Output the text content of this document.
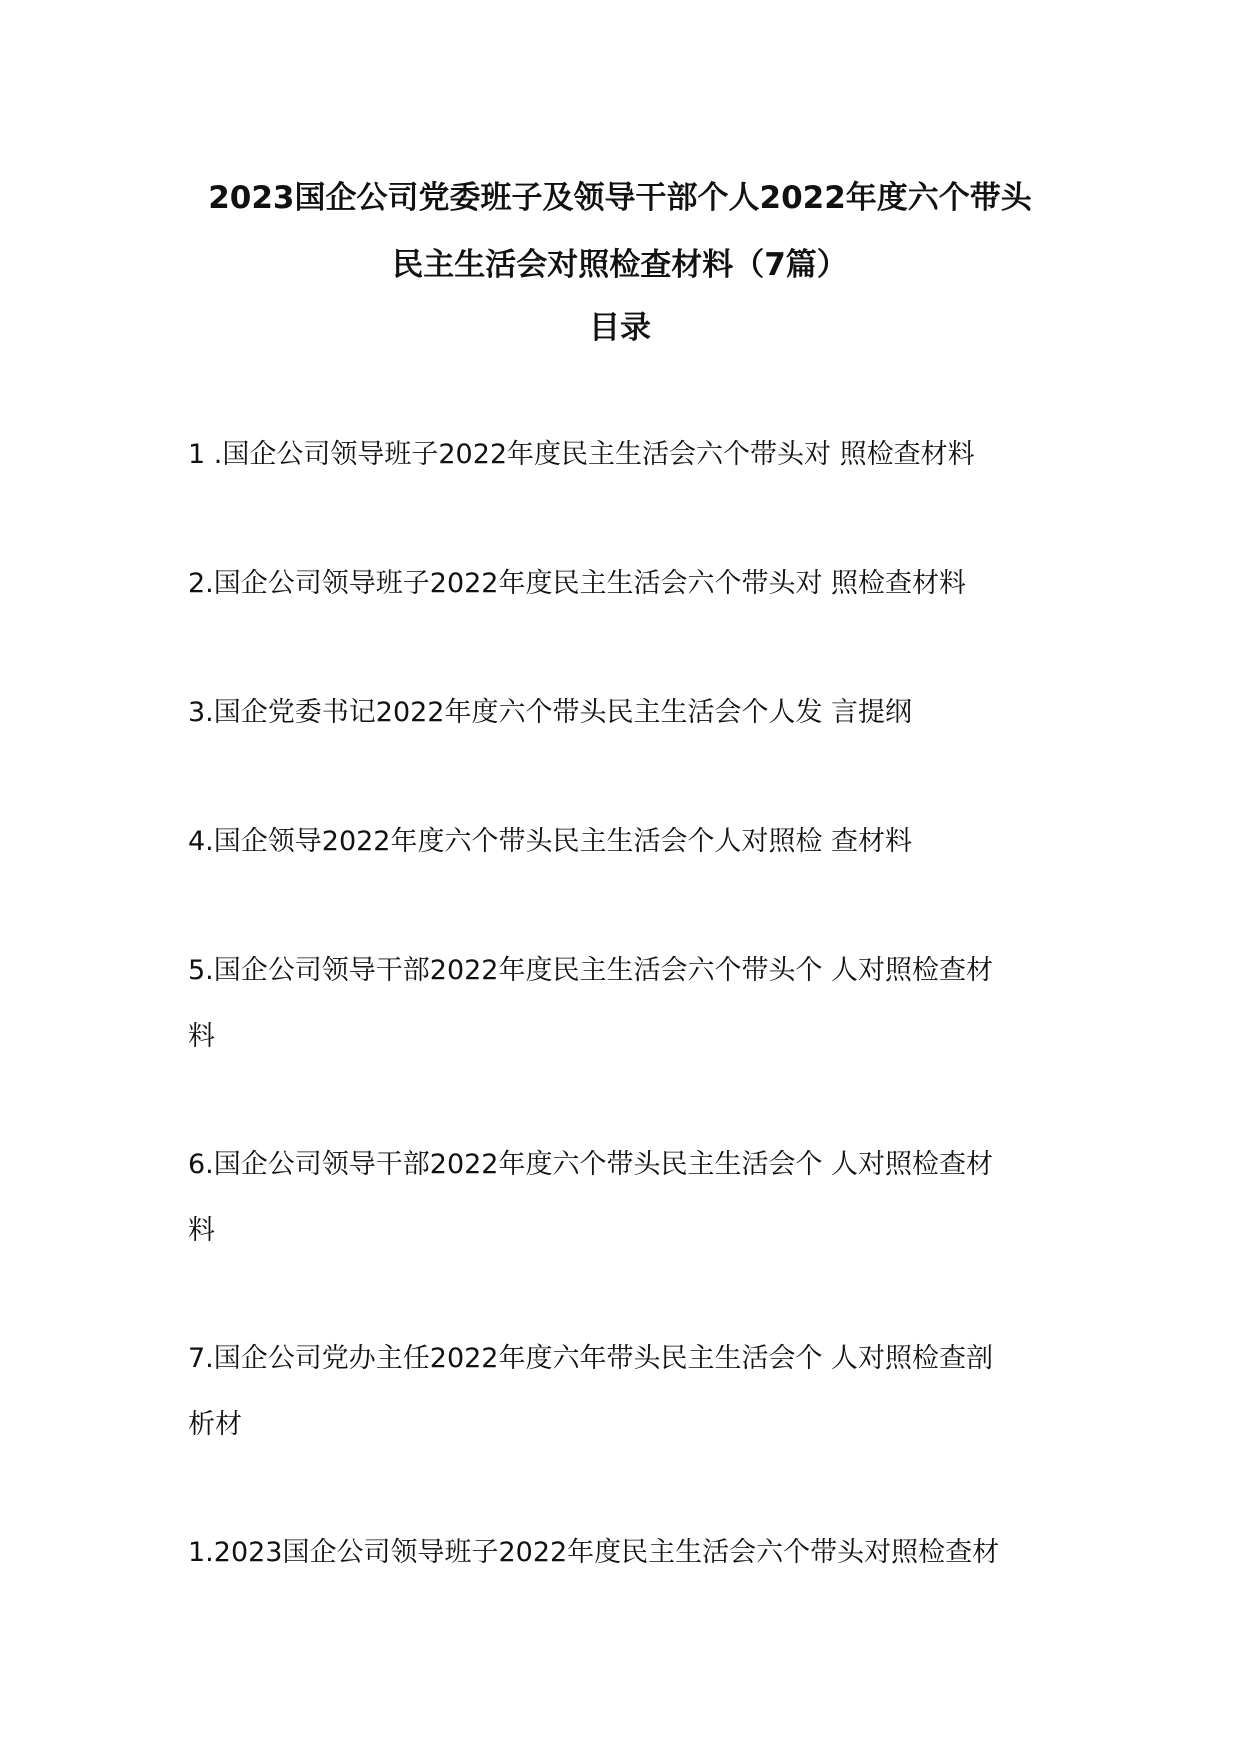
2023国企公司党委班子及领导干部个人2022年度六个带头
民主生活会对照检查材料（7篇）
目录
1 .国企公司领导班子2022年度民主生活会六个带头对 照检查材料
2.国企公司领导班子2022年度民主生活会六个带头对 照检查材料
3.国企党委书记2022年度六个带头民主生活会个人发 言提纲
4.国企领导2022年度六个带头民主生活会个人对照检 查材料
5.国企公司领导干部2022年度民主生活会六个带头个 人对照检查材
料
6.国企公司领导干部2022年度六个带头民主生活会个 人对照检查材
料
7.国企公司党办主任2022年度六年带头民主生活会个 人对照检查剖
析材
1.2023国企公司领导班子2022年度民主生活会六个带头对照检查材
